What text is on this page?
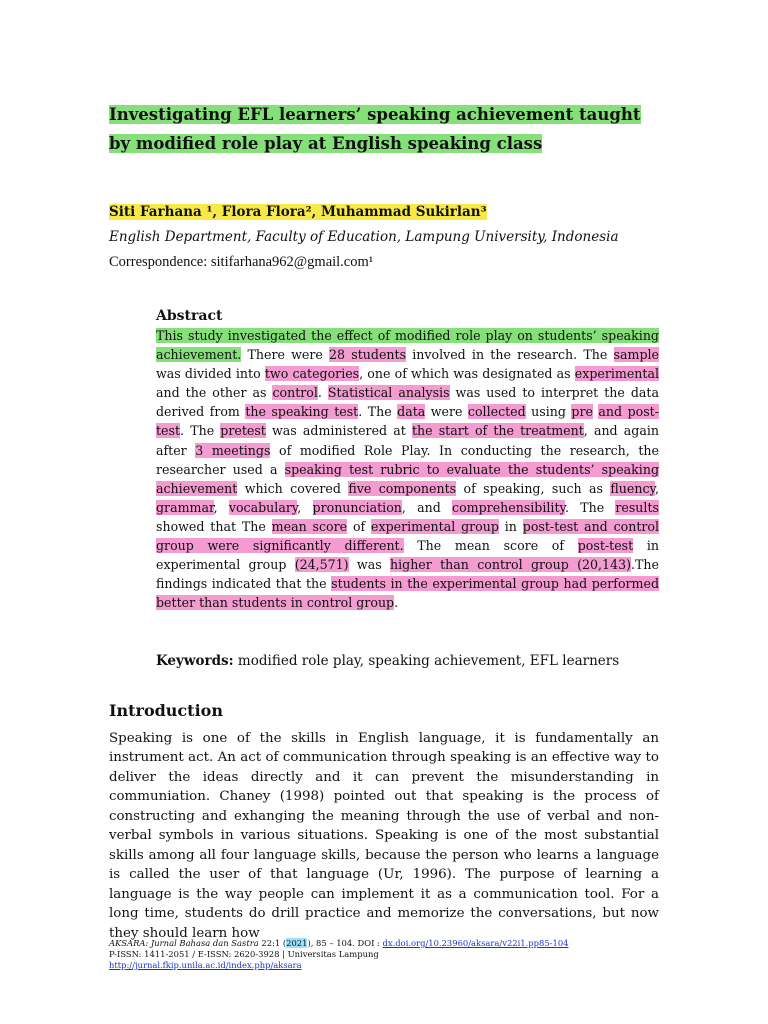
Investigating EFL learners’ speaking achievement taught
by modified role play at English speaking class
Siti Farhana ¹, Flora Flora², Muhammad Sukirlan³
English Department, Faculty of Education, Lampung University, Indonesia
Correspondence: sitifarhana962@gmail.com¹
Abstract
This study investigated the effect of modified role play on students’ speaking achievement. There were 28 students involved in the research. The sample was divided into two categories, one of which was designated as experimental and the other as control. Statistical analysis was used to interpret the data derived from the speaking test. The data were collected using pre and post-test. The pretest was administered at the start of the treatment, and again after 3 meetings of modified Role Play. In conducting the research, the researcher used a speaking test rubric to evaluate the students’ speaking achievement which covered five components of speaking, such as fluency, grammar, vocabulary, pronunciation, and comprehensibility. The results showed that The mean score of experimental group in post-test and control group were significantly different. The mean score of post-test in experimental group (24,571) was higher than control group (20,143).The findings indicated that the students in the experimental group had performed better than students in control group.
Keywords: modified role play, speaking achievement, EFL learners
Introduction
Speaking is one of the skills in English language, it is fundamentally an instrument act. An act of communication through speaking is an effective way to deliver the ideas directly and it can prevent the misunderstanding in communiation. Chaney (1998) pointed out that speaking is the process of constructing and exhanging the meaning through the use of verbal and non-verbal symbols in various situations. Speaking is one of the most substantial skills among all four language skills, because the person who learns a language is called the user of that language (Ur, 1996). The purpose of learning a language is the way people can implement it as a communication tool. For a long time, students do drill practice and memorize the conversations, but now they should learn how
AKSARA: Jurnal Bahasa dan Sastra 22:1 (2021), 85 – 104. DOI : dx.doi.org/10.23960/aksara/v22i1.pp85-104
P-ISSN: 1411-2051 / E-ISSN: 2620-3928 | Universitas Lampung
http://jurnal.fkip.unila.ac.id/index.php/aksara
